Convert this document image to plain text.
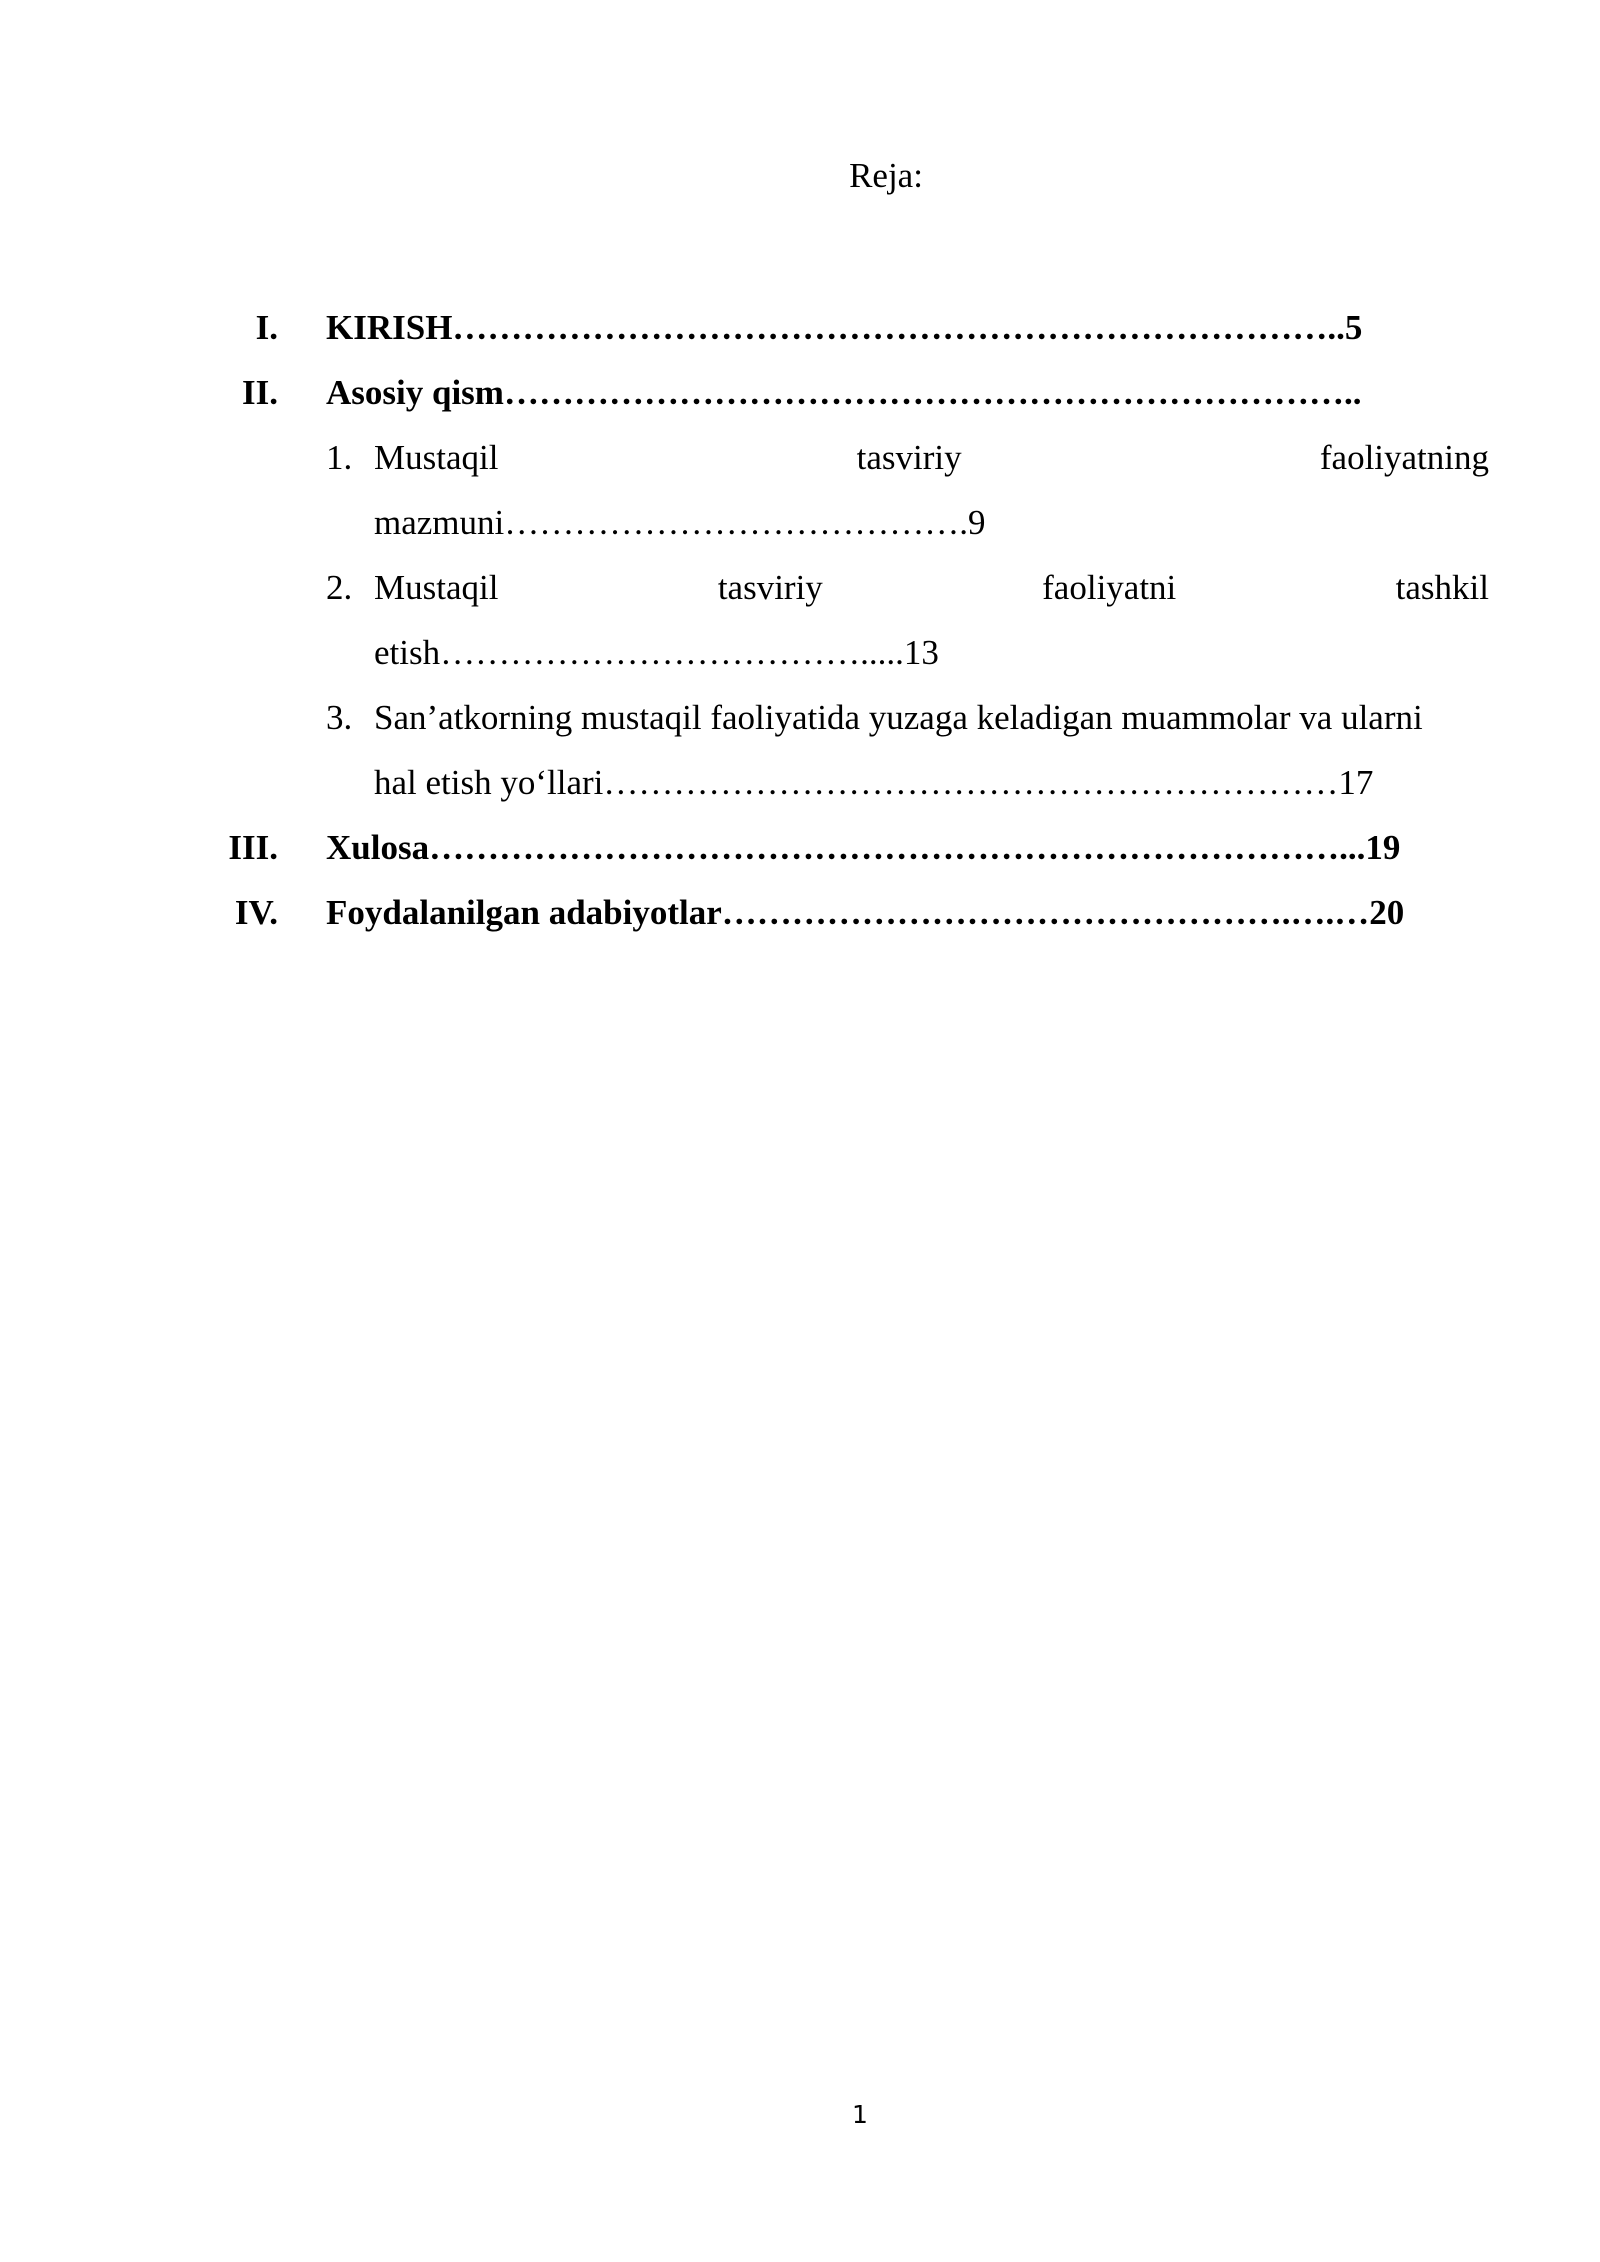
Reja:
I. KIRISH…………………………………………………………………..5
II. Asosiy qism………………………………………………………………..
1. Mustaqil	tasviriy	faoliyatning
mazmuni………………………………….9
2. Mustaqil	tasviriy	faoliyatni	tashkil
etish……………………………….....13
3. San’atkorning mustaqil faoliyatida yuzaga keladigan muammolar va ularni
hal etish yo‘llari………………………………………………………17
III. Xulosa……………………………………………………………………...19
IV. Foydalanilgan adabiyotlar………………………………………….….…20
1
